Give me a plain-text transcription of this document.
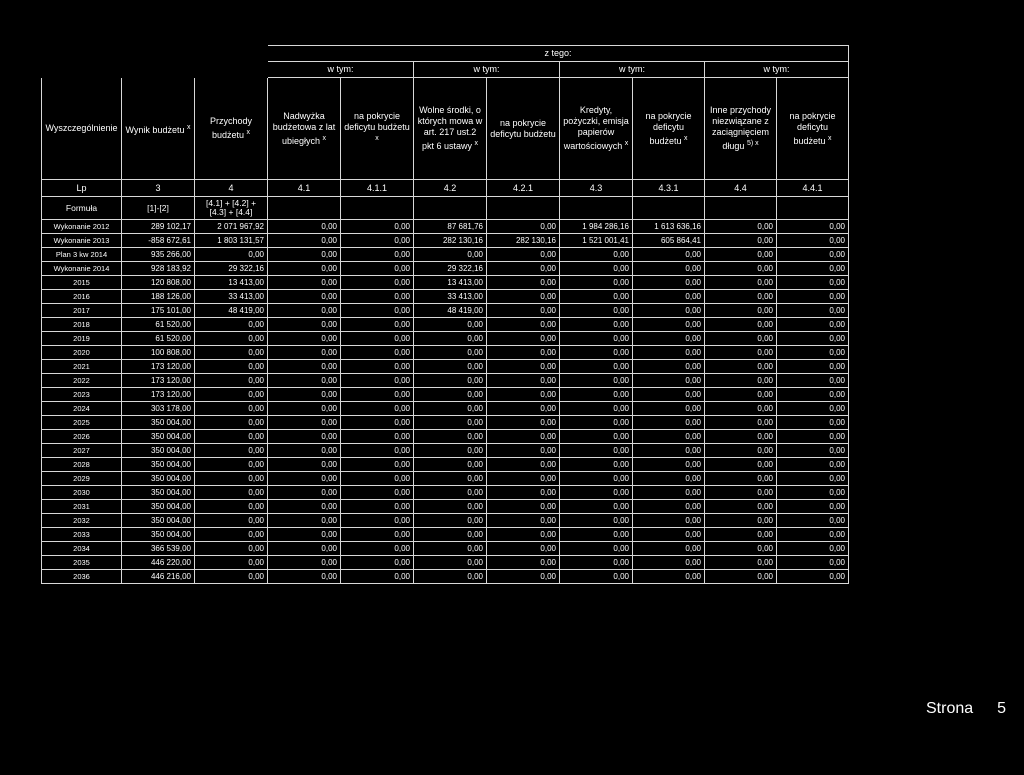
			z tego:							
			w tym:		w tym:		w tym:		w tym:	
Wyszczególnienie	Wynik budżetu $^x$	Przychody budżetu $^x$	Nadwyżka budżetowa z lat ubiegłych $^x$	na pokrycie deficytu budżetu $^x$	Wolne środki, o których mowa w art. 217 ust.2 pkt 6 ustawy $^x$	na pokrycie deficytu budżetu	Kredyty, pożyczki, emisja papierów wartościowych $^x$	na pokrycie deficytu budżetu $^x$	Inne przychody niezwiązane z zaciągnięciem długu $^{5) x}$	na pokrycie deficytu budżetu $^x$
Lp	3	4	4.1	4.1.1	4.2	4.2.1	4.3	4.3.1	4.4	4.4.1
Formuła	[1]-[2]	[4.1] + [4.2] + [4.3] + [4.4]								
Wykonanie 2012	289 102,17	2 071 967,92	0,00	0,00	87 681,76	0,00	1 984 286,16	1 613 636,16	0,00	0,00
Wykonanie 2013	-858 672,61	1 803 131,57	0,00	0,00	282 130,16	282 130,16	1 521 001,41	605 864,41	0,00	0,00
Plan 3 kw 2014	935 266,00	0,00	0,00	0,00	0,00	0,00	0,00	0,00	0,00	0,00
Wykonanie 2014	928 183,92	29 322,16	0,00	0,00	29 322,16	0,00	0,00	0,00	0,00	0,00
2015	120 808,00	13 413,00	0,00	0,00	13 413,00	0,00	0,00	0,00	0,00	0,00
2016	188 126,00	33 413,00	0,00	0,00	33 413,00	0,00	0,00	0,00	0,00	0,00
2017	175 101,00	48 419,00	0,00	0,00	48 419,00	0,00	0,00	0,00	0,00	0,00
2018	61 520,00	0,00	0,00	0,00	0,00	0,00	0,00	0,00	0,00	0,00
2019	61 520,00	0,00	0,00	0,00	0,00	0,00	0,00	0,00	0,00	0,00
2020	100 808,00	0,00	0,00	0,00	0,00	0,00	0,00	0,00	0,00	0,00
2021	173 120,00	0,00	0,00	0,00	0,00	0,00	0,00	0,00	0,00	0,00
2022	173 120,00	0,00	0,00	0,00	0,00	0,00	0,00	0,00	0,00	0,00
2023	173 120,00	0,00	0,00	0,00	0,00	0,00	0,00	0,00	0,00	0,00
2024	303 178,00	0,00	0,00	0,00	0,00	0,00	0,00	0,00	0,00	0,00
2025	350 004,00	0,00	0,00	0,00	0,00	0,00	0,00	0,00	0,00	0,00
2026	350 004,00	0,00	0,00	0,00	0,00	0,00	0,00	0,00	0,00	0,00
2027	350 004,00	0,00	0,00	0,00	0,00	0,00	0,00	0,00	0,00	0,00
2028	350 004,00	0,00	0,00	0,00	0,00	0,00	0,00	0,00	0,00	0,00
2029	350 004,00	0,00	0,00	0,00	0,00	0,00	0,00	0,00	0,00	0,00
2030	350 004,00	0,00	0,00	0,00	0,00	0,00	0,00	0,00	0,00	0,00
2031	350 004,00	0,00	0,00	0,00	0,00	0,00	0,00	0,00	0,00	0,00
2032	350 004,00	0,00	0,00	0,00	0,00	0,00	0,00	0,00	0,00	0,00
2033	350 004,00	0,00	0,00	0,00	0,00	0,00	0,00	0,00	0,00	0,00
2034	366 539,00	0,00	0,00	0,00	0,00	0,00	0,00	0,00	0,00	0,00
2035	446 220,00	0,00	0,00	0,00	0,00	0,00	0,00	0,00	0,00	0,00
2036	446 216,00	0,00	0,00	0,00	0,00	0,00	0,00	0,00	0,00	0,00
Strona 5
